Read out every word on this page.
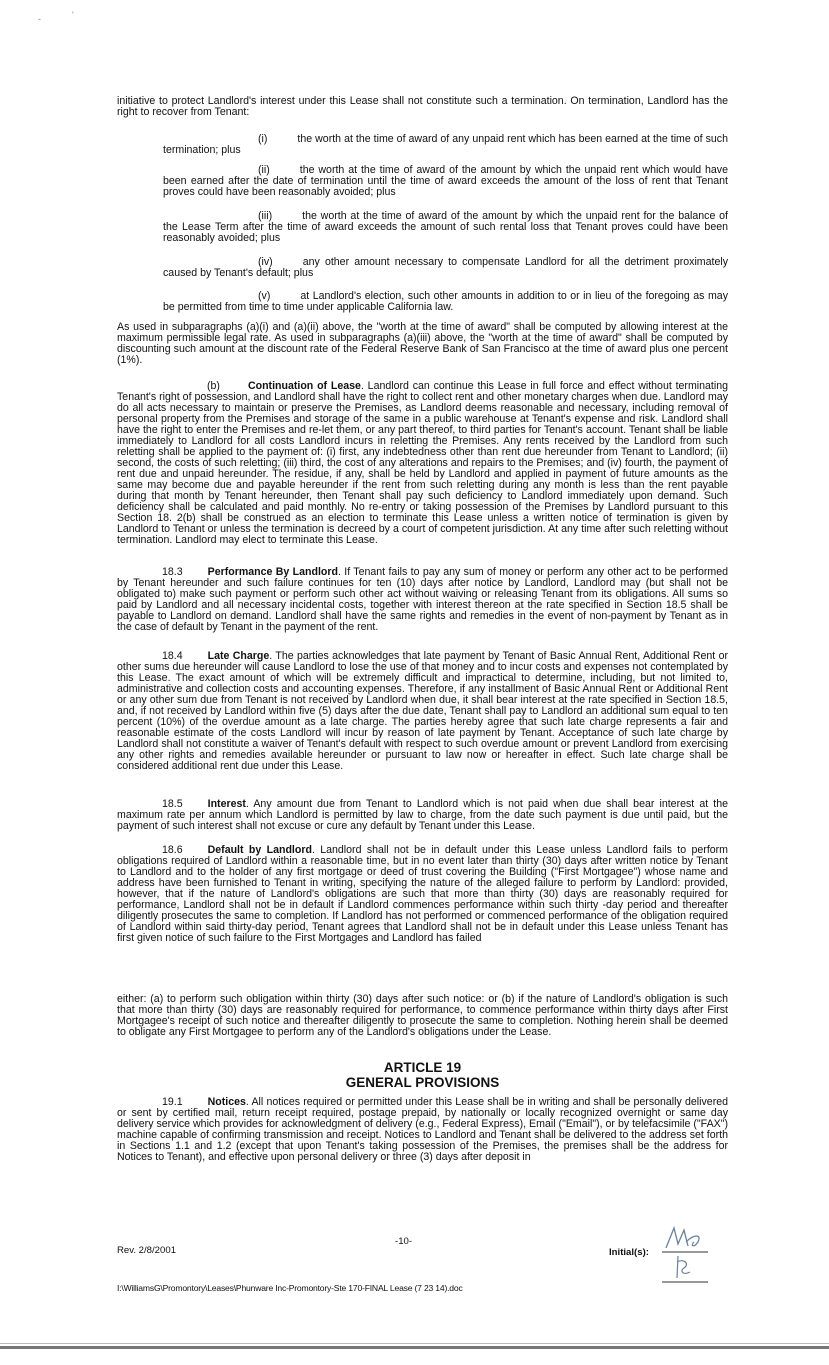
-	'

initiative to protect Landlord's interest under this Lease shall not constitute such a termination. On termination, Landlord has the right to recover from Tenant:

(i)	the worth at the time of award of any unpaid rent which has been earned at the time of such termination; plus

(ii)	the worth at the time of award of the amount by which the unpaid rent which would have been earned after the date of termination until the time of award exceeds the amount of the loss of rent that Tenant proves could have been reasonably avoided; plus

(iii)	the worth at the time of award of the amount by which the unpaid rent for the balance of the Lease Term after the time of award exceeds the amount of such rental loss that Tenant proves could have been reasonably avoided; plus

(iv)	any other amount necessary to compensate Landlord for all the detriment proximately caused by Tenant's default; plus

(v)	at Landlord's election, such other amounts in addition to or in lieu of the foregoing as may be permitted from time to time under applicable California law.

As used in subparagraphs (a)(i) and (a)(ii) above, the "worth at the time of award" shall be computed by allowing interest at the maximum permissible legal rate. As used in subparagraphs (a)(iii) above, the "worth at the time of award" shall be computed by discounting such amount at the discount rate of the Federal Reserve Bank of San Francisco at the time of award plus one percent (1%).

(b)	Continuation of Lease. Landlord can continue this Lease in full force and effect without terminating Tenant's right of possession, and Landlord shall have the right to collect rent and other monetary charges when due. Landlord may do all acts necessary to maintain or preserve the Premises, as Landlord deems reasonable and necessary, including removal of personal property from the Premises and storage of the same in a public warehouse at Tenant's expense and risk. Landlord shall have the right to enter the Premises and re-let them, or any part thereof, to third parties for Tenant's account. Tenant shall be liable immediately to Landlord for all costs Landlord incurs in reletting the Premises. Any rents received by the Landlord from such reletting shall be applied to the payment of: (i) first, any indebtedness other than rent due hereunder from Tenant to Landlord; (ii) second, the costs of such reletting; (iii) third, the cost of any alterations and repairs to the Premises; and (iv) fourth, the payment of rent due and unpaid hereunder. The residue, if any, shall be held by Landlord and applied in payment of future amounts as the same may become due and payable hereunder if the rent from such reletting during any month is less than the rent payable during that month by Tenant hereunder, then Tenant shall pay such deficiency to Landlord immediately upon demand. Such deficiency shall be calculated and paid monthly. No re-entry or taking possession of the Premises by Landlord pursuant to this Section 18. 2(b) shall be construed as an election to terminate this Lease unless a written notice of termination is given by Landlord to Tenant or unless the termination is decreed by a court of competent jurisdiction. At any time after such reletting without termination. Landlord may elect to terminate this Lease.

18.3 Performance By Landlord. If Tenant fails to pay any sum of money or perform any other act to be performed by Tenant hereunder and such failure continues for ten (10) days after notice by Landlord, Landlord may (but shall not be obligated to) make such payment or perform such other act without waiving or releasing Tenant from its obligations. All sums so paid by Landlord and all necessary incidental costs, together with interest thereon at the rate specified in Section 18.5 shall be payable to Landlord on demand. Landlord shall have the same rights and remedies in the event of non-payment by Tenant as in the case of default by Tenant in the payment of the rent.

18.4 Late Charge. The parties acknowledges that late payment by Tenant of Basic Annual Rent, Additional Rent or other sums due hereunder will cause Landlord to lose the use of that money and to incur costs and expenses not contemplated by this Lease. The exact amount of which will be extremely difficult and impractical to determine, including, but not limited to, administrative and collection costs and accounting expenses. Therefore, if any installment of Basic Annual Rent or Additional Rent or any other sum due from Tenant is not received by Landlord when due, it shall bear interest at the rate specified in Section 18.5, and, if not received by Landlord within five (5) days after the due date, Tenant shall pay to Landlord an additional sum equal to ten percent (10%) of the overdue amount as a late charge. The parties hereby agree that such late charge represents a fair and reasonable estimate of the costs Landlord will incur by reason of late payment by Tenant. Acceptance of such late charge by Landlord shall not constitute a waiver of Tenant's default with respect to such overdue amount or prevent Landlord from exercising any other rights and remedies available hereunder or pursuant to law now or hereafter in effect. Such late charge shall be considered additional rent due under this Lease.

18.5 Interest. Any amount due from Tenant to Landlord which is not paid when due shall bear interest at the maximum rate per annum which Landlord is permitted by law to charge, from the date such payment is due until paid, but the payment of such interest shall not excuse or cure any default by Tenant under this Lease.

18.6 Default by Landlord. Landlord shall not be in default under this Lease unless Landlord fails to perform obligations required of Landlord within a reasonable time, but in no event later than thirty (30) days after written notice by Tenant to Landlord and to the holder of any first mortgage or deed of trust covering the Building ("First Mortgagee") whose name and address have been furnished to Tenant in writing, specifying the nature of the alleged failure to perform by Landlord: provided, however, that if the nature of Landlord's obligations are such that more than thirty (30) days are reasonably required for performance, Landlord shall not be in default if Landlord commences performance within such thirty -day period and thereafter diligently prosecutes the same to completion. If Landlord has not performed or commenced performance of the obligation required of Landlord within said thirty-day period, Tenant agrees that Landlord shall not be in default under this Lease unless Tenant has first given notice of such failure to the First Mortgages and Landlord has failed

either: (a) to perform such obligation within thirty (30) days after such notice: or (b) if the nature of Landlord's obligation is such that more than thirty (30) days are reasonably required for performance, to commence performance within thirty days after First Mortgagee's receipt of such notice and thereafter diligently to prosecute the same to completion. Nothing herein shall be deemed to obligate any First Mortgagee to perform any of the Landlord's obligations under the Lease.

ARTICLE 19
GENERAL PROVISIONS

19.1 Notices. All notices required or permitted under this Lease shall be in writing and shall be personally delivered or sent by certified mail, return receipt required, postage prepaid, by nationally or locally recognized overnight or same day delivery service which provides for acknowledgment of delivery (e.g., Federal Express), Email ("Email"), or by telefacsimile ("FAX") machine capable of confirming transmission and receipt. Notices to Landlord and Tenant shall be delivered to the address set forth in Sections 1.1 and 1.2 (except that upon Tenant's taking possession of the Premises, the premises shall be the address for Notices to Tenant), and effective upon personal delivery or three (3) days after deposit in

-10-
Rev. 2/8/2001	Initial(s):
I:\WilliamsG\Promontory\Leases\Phunware Inc-Promontory-Ste 170-FINAL Lease (7 23 14).doc
